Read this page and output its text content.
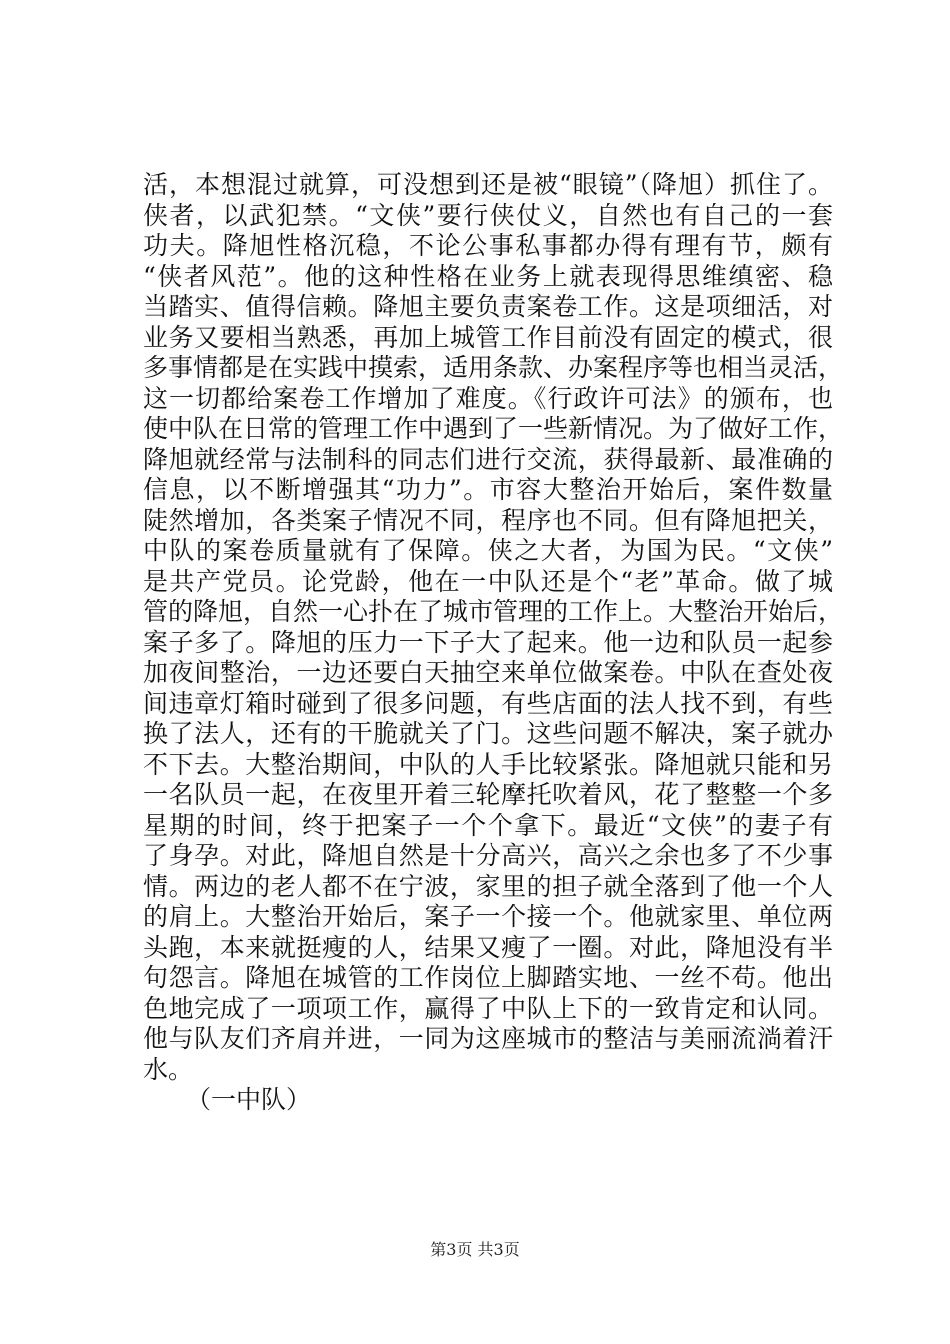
活，本想混过就算，可没想到还是被“眼镜”（降旭）抓住了。
侠者，以武犯禁。“文侠”要行侠仗义，自然也有自己的一套
功夫。降旭性格沉稳，不论公事私事都办得有理有节，颇有
“侠者风范”。他的这种性格在业务上就表现得思维缜密、稳
当踏实、值得信赖。降旭主要负责案卷工作。这是项细活，对
业务又要相当熟悉，再加上城管工作目前没有固定的模式，很
多事情都是在实践中摸索，适用条款、办案程序等也相当灵活，
这一切都给案卷工作增加了难度。《行政许可法》的颁布，也
使中队在日常的管理工作中遇到了一些新情况。为了做好工作，
降旭就经常与法制科的同志们进行交流，获得最新、最准确的
信息，以不断增强其“功力”。市容大整治开始后，案件数量
陡然增加，各类案子情况不同，程序也不同。但有降旭把关，
中队的案卷质量就有了保障。侠之大者，为国为民。“文侠”
是共产党员。论党龄，他在一中队还是个“老”革命。做了城
管的降旭，自然一心扑在了城市管理的工作上。大整治开始后，
案子多了。降旭的压力一下子大了起来。他一边和队员一起参
加夜间整治，一边还要白天抽空来单位做案卷。中队在查处夜
间违章灯箱时碰到了很多问题，有些店面的法人找不到，有些
换了法人，还有的干脆就关了门。这些问题不解决，案子就办
不下去。大整治期间，中队的人手比较紧张。降旭就只能和另
一名队员一起，在夜里开着三轮摩托吹着风，花了整整一个多
星期的时间，终于把案子一个个拿下。最近“文侠”的妻子有
了身孕。对此，降旭自然是十分高兴，高兴之余也多了不少事
情。两边的老人都不在宁波，家里的担子就全落到了他一个人
的肩上。大整治开始后，案子一个接一个。他就家里、单位两
头跑，本来就挺瘦的人，结果又瘦了一圈。对此，降旭没有半
句怨言。降旭在城管的工作岗位上脚踏实地、一丝不苟。他出
色地完成了一项项工作，赢得了中队上下的一致肯定和认同。
他与队友们齐肩并进，一同为这座城市的整洁与美丽流淌着汗
水。
（一中队）
第3页 共3页
